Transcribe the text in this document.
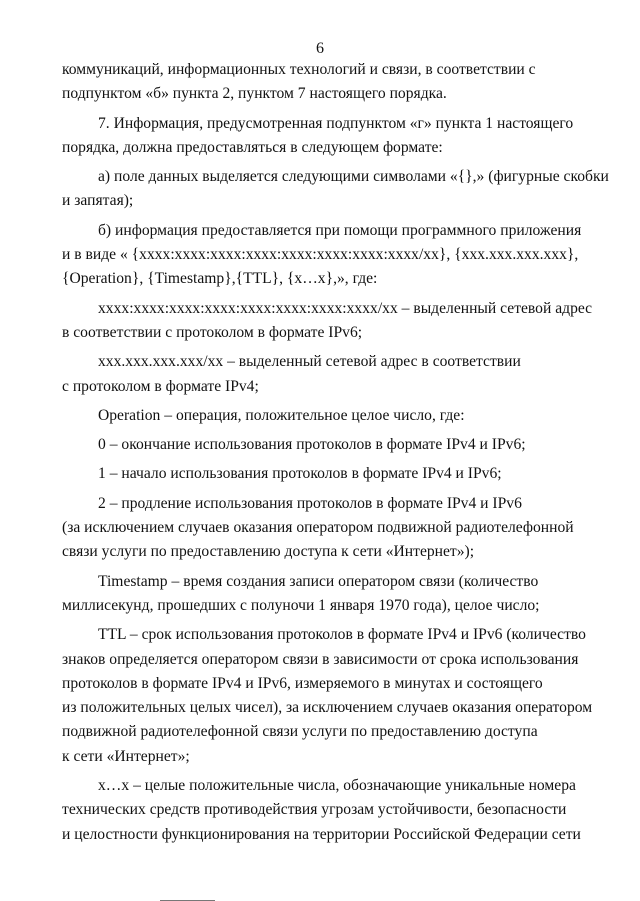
6
коммуникаций, информационных технологий и связи, в соответствии с
подпунктом «б» пункта 2, пунктом 7 настоящего порядка.
7. Информация, предусмотренная подпунктом «г» пункта 1 настоящего
порядка, должна предоставляться в следующем формате:
а) поле данных выделяется следующими символами «{},» (фигурные скобки
и запятая);
б) информация предоставляется при помощи программного приложения
и в виде « {xxxx:xxxx:xxxx:xxxx:xxxx:xxxx:xxxx:xxxx/xx}, {xxx.xxx.xxx.xxx},
{Operation}, {Timestamp},{TTL}, {x…x},», где:
xxxx:xxxx:xxxx:xxxx:xxxx:xxxx:xxxx:xxxx/xx – выделенный сетевой адрес
в соответствии с протоколом в формате IPv6;
xxx.xxx.xxx.xxx/xx – выделенный сетевой адрес в соответствии
с протоколом в формате IPv4;
Operation – операция, положительное целое число, где:
0 – окончание использования протоколов в формате IPv4 и IPv6;
1 – начало использования протоколов в формате IPv4 и IPv6;
2 – продление использования протоколов в формате IPv4 и IPv6
(за исключением случаев оказания оператором подвижной радиотелефонной
связи услуги по предоставлению доступа к сети «Интернет»);
Timestamp – время создания записи оператором связи (количество
миллисекунд, прошедших с полуночи 1 января 1970 года), целое число;
TTL – срок использования протоколов в формате IPv4 и IPv6 (количество
знаков определяется оператором связи в зависимости от срока использования
протоколов в формате IPv4 и IPv6, измеряемого в минутах и состоящего
из положительных целых чисел), за исключением случаев оказания оператором
подвижной радиотелефонной связи услуги по предоставлению доступа
к сети «Интернет»;
x…x – целые положительные числа, обозначающие уникальные номера
технических средств противодействия угрозам устойчивости, безопасности
и целостности функционирования на территории Российской Федерации сети
